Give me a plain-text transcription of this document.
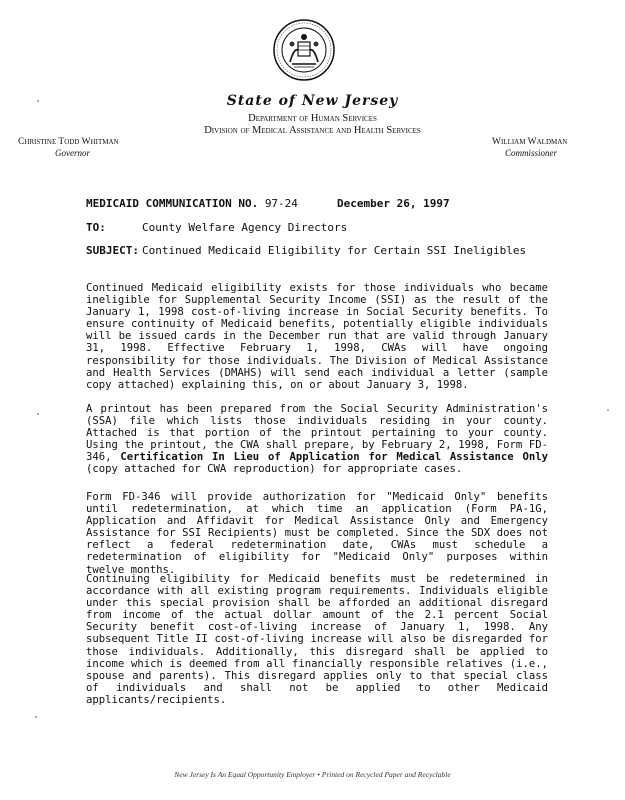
State of New Jersey
Department of Human Services
Division of Medical Assistance and Health Services
Christine Todd Whitman
Governor
William Waldman
Commissioner
MEDICAID COMMUNICATION NO. 97-24	December 26, 1997
TO:	County Welfare Agency Directors
SUBJECT: Continued Medicaid Eligibility for Certain SSI Ineligibles
Continued Medicaid eligibility exists for those individuals who became ineligible for Supplemental Security Income (SSI) as the result of the January 1, 1998 cost-of-living increase in Social Security benefits. To ensure continuity of Medicaid benefits, potentially eligible individuals will be issued cards in the December run that are valid through January 31, 1998. Effective February 1, 1998, CWAs will have ongoing responsibility for those individuals. The Division of Medical Assistance and Health Services (DMAHS) will send each individual a letter (sample copy attached) explaining this, on or about January 3, 1998.
A printout has been prepared from the Social Security Administration's (SSA) file which lists those individuals residing in your county. Attached is that portion of the printout pertaining to your county. Using the printout, the CWA shall prepare, by February 2, 1998, Form FD-346, Certification In Lieu of Application for Medical Assistance Only (copy attached for CWA reproduction) for appropriate cases.
Form FD-346 will provide authorization for "Medicaid Only" benefits until redetermination, at which time an application (Form PA-1G, Application and Affidavit for Medical Assistance Only and Emergency Assistance for SSI Recipients) must be completed. Since the SDX does not reflect a federal redetermination date, CWAs must schedule a redetermination of eligibility for "Medicaid Only" purposes within twelve months.
Continuing eligibility for Medicaid benefits must be redetermined in accordance with all existing program requirements. Individuals eligible under this special provision shall be afforded an additional disregard from income of the actual dollar amount of the 2.1 percent Social Security benefit cost-of-living increase of January 1, 1998. Any subsequent Title II cost-of-living increase will also be disregarded for those individuals. Additionally, this disregard shall be applied to income which is deemed from all financially responsible relatives (i.e., spouse and parents). This disregard applies only to that special class of individuals and shall not be applied to other Medicaid applicants/recipients.
New Jersey Is An Equal Opportunity Employer • Printed on Recycled Paper and Recyclable
